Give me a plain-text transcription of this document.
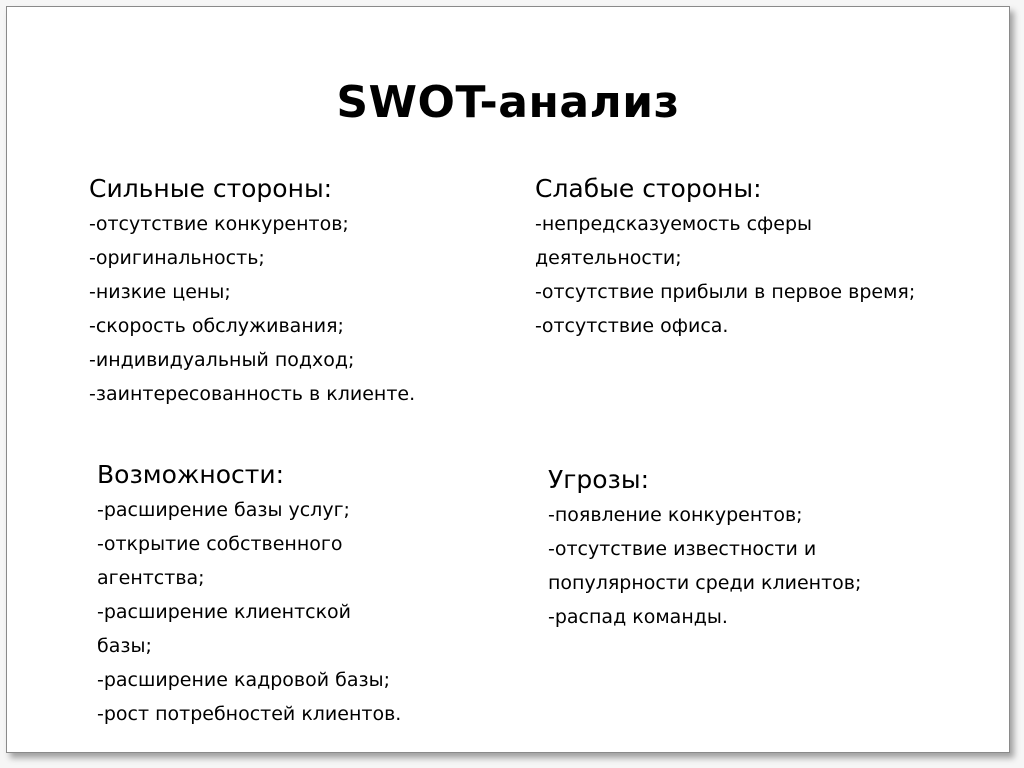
SWOT-анализ
Сильные стороны:
-отсутствие конкурентов;
-оригинальность;
-низкие цены;
-скорость обслуживания;
-индивидуальный подход;
-заинтересованность в клиенте.
Слабые стороны:
-непредсказуемость сферы
деятельности;
-отсутствие прибыли в первое время;
-отсутствие офиса.
Возможности:
-расширение базы услуг;
-открытие собственного
агентства;
-расширение клиентской
базы;
-расширение кадровой базы;
-рост потребностей клиентов.
Угрозы:
-появление конкурентов;
-отсутствие известности и
популярности среди клиентов;
-распад команды.
